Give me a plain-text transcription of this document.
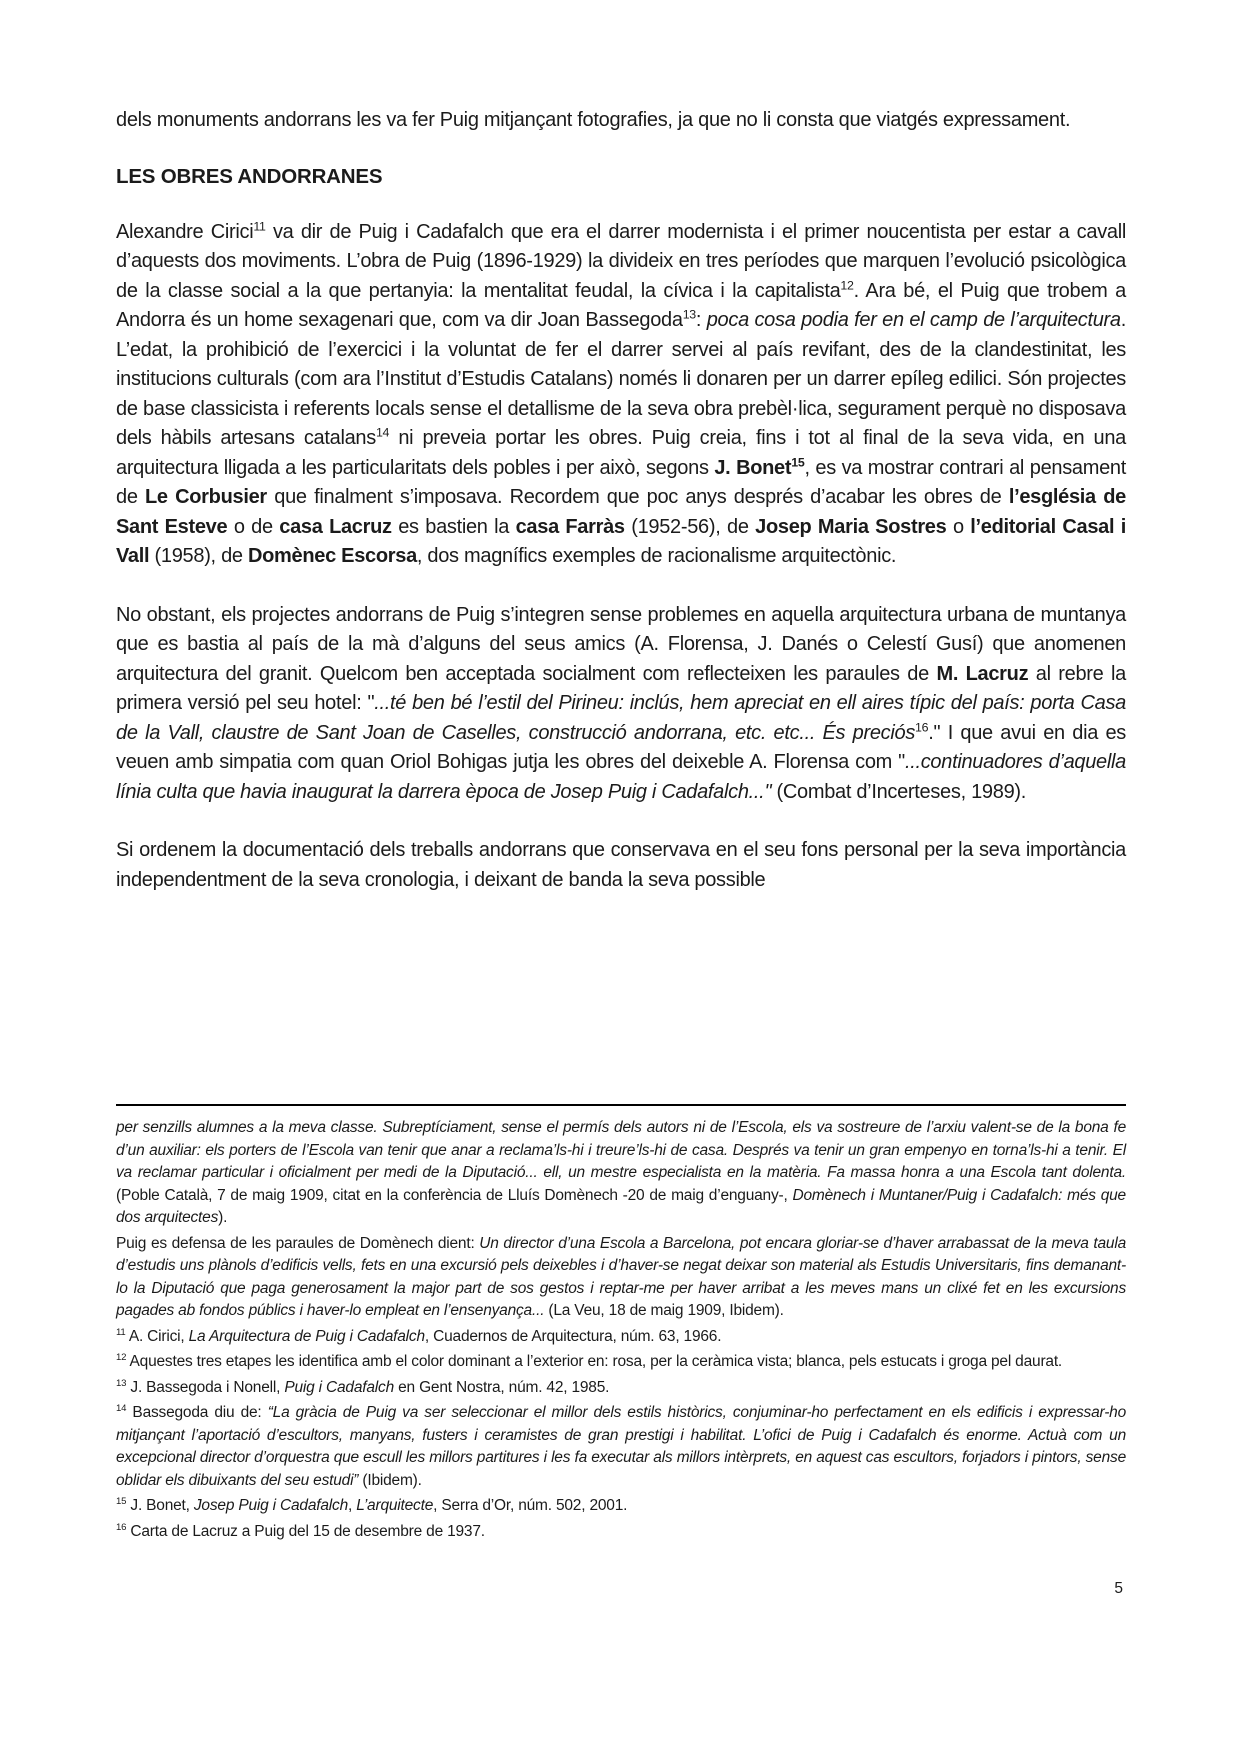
dels monuments andorrans les va fer Puig mitjançant fotografies, ja que no li consta que viatgés expressament.

LES OBRES ANDORRANES

Alexandre Cirici$^{11}$ va dir de Puig i Cadafalch que era el darrer modernista i el primer noucentista per estar a cavall d’aquests dos moviments. L’obra de Puig (1896-1929) la divideix en tres períodes que marquen l’evolució psicològica de la classe social a la que pertanyia: la mentalitat feudal, la cívica i la capitalista$^{12}$. Ara bé, el Puig que trobem a Andorra és un home sexagenari que, com va dir Joan Bassegoda$^{13}$: poca cosa podia fer en el camp de l’arquitectura. L’edat, la prohibició de l’exercici i la voluntat de fer el darrer servei al país revifant, des de la clandestinitat, les institucions culturals (com ara l’Institut d’Estudis Catalans) només li donaren per un darrer epíleg edilici. Són projectes de base classicista i referents locals sense el detallisme de la seva obra prebèl·lica, segurament perquè no disposava dels hàbils artesans catalans$^{14}$ ni preveia portar les obres. Puig creia, fins i tot al final de la seva vida, en una arquitectura lligada a les particularitats dels pobles i per això, segons J. Bonet$^{15}$, es va mostrar contrari al pensament de Le Corbusier que finalment s’imposava. Recordem que poc anys després d’acabar les obres de l’església de Sant Esteve o de casa Lacruz es bastien la casa Farràs (1952-56), de Josep Maria Sostres o l’editorial Casal i Vall (1958), de Domènec Escorsa, dos magnífics exemples de racionalisme arquitectònic.

No obstant, els projectes andorrans de Puig s’integren sense problemes en aquella arquitectura urbana de muntanya que es bastia al país de la mà d’alguns del seus amics (A. Florensa, J. Danés o Celestí Gusí) que anomenen arquitectura del granit. Quelcom ben acceptada socialment com reflecteixen les paraules de M. Lacruz al rebre la primera versió pel seu hotel: "...té ben bé l’estil del Pirineu: inclús, hem apreciat en ell aires típic del país: porta Casa de la Vall, claustre de Sant Joan de Caselles, construcció andorrana, etc. etc... És preciós$^{16}$." I que avui en dia es veuen amb simpatia com quan Oriol Bohigas jutja les obres del deixeble A. Florensa com "...continuadores d’aquella línia culta que havia inaugurat la darrera època de Josep Puig i Cadafalch..." (Combat d’Incerteses, 1989).

Si ordenem la documentació dels treballs andorrans que conservava en el seu fons personal per la seva importància independentment de la seva cronologia, i deixant de banda la seva possible

per senzills alumnes a la meva classe. Subreptíciament, sense el permís dels autors ni de l’Escola, els va sostreure de l’arxiu valent-se de la bona fe d’un auxiliar: els porters de l’Escola van tenir que anar a reclama’ls-hi i treure’ls-hi de casa. Després va tenir un gran empenyo en torna’ls-hi a tenir. El va reclamar particular i oficialment per medi de la Diputació... ell, un mestre especialista en la matèria. Fa massa honra a una Escola tant dolenta. (Poble Català, 7 de maig 1909, citat en la conferència de Lluís Domènech -20 de maig d’enguany-, Domènech i Muntaner/Puig i Cadafalch: més que dos arquitectes).

Puig es defensa de les paraules de Domènech dient: Un director d’una Escola a Barcelona, pot encara gloriar-se d’haver arrabassat de la meva taula d’estudis uns plànols d’edificis vells, fets en una excursió pels deixebles i d’haver-se negat deixar son material als Estudis Universitaris, fins demanant-lo la Diputació que paga generosament la major part de sos gestos i reptar-me per haver arribat a les meves mans un clixé fet en les excursions pagades ab fondos públics i haver-lo empleat en l’ensenyança... (La Veu, 18 de maig 1909, Ibidem).

$^{11}$ A. Cirici, La Arquitectura de Puig i Cadafalch, Cuadernos de Arquitectura, núm. 63, 1966.

$^{12}$ Aquestes tres etapes les identifica amb el color dominant a l’exterior en: rosa, per la ceràmica vista; blanca, pels estucats i groga pel daurat.

$^{13}$ J. Bassegoda i Nonell, Puig i Cadafalch en Gent Nostra, núm. 42, 1985.

$^{14}$ Bassegoda diu de: “La gràcia de Puig va ser seleccionar el millor dels estils històrics, conjuminar-ho perfectament en els edificis i expressar-ho mitjançant l’aportació d’escultors, manyans, fusters i ceramistes de gran prestigi i habilitat. L’ofici de Puig i Cadafalch és enorme. Actuà com un excepcional director d’orquestra que escull les millors partitures i les fa executar als millors intèrprets, en aquest cas escultors, forjadors i pintors, sense oblidar els dibuixants del seu estudi” (Ibidem).

$^{15}$ J. Bonet, Josep Puig i Cadafalch, L’arquitecte, Serra d’Or, núm. 502, 2001.

$^{16}$ Carta de Lacruz a Puig del 15 de desembre de 1937.

5
